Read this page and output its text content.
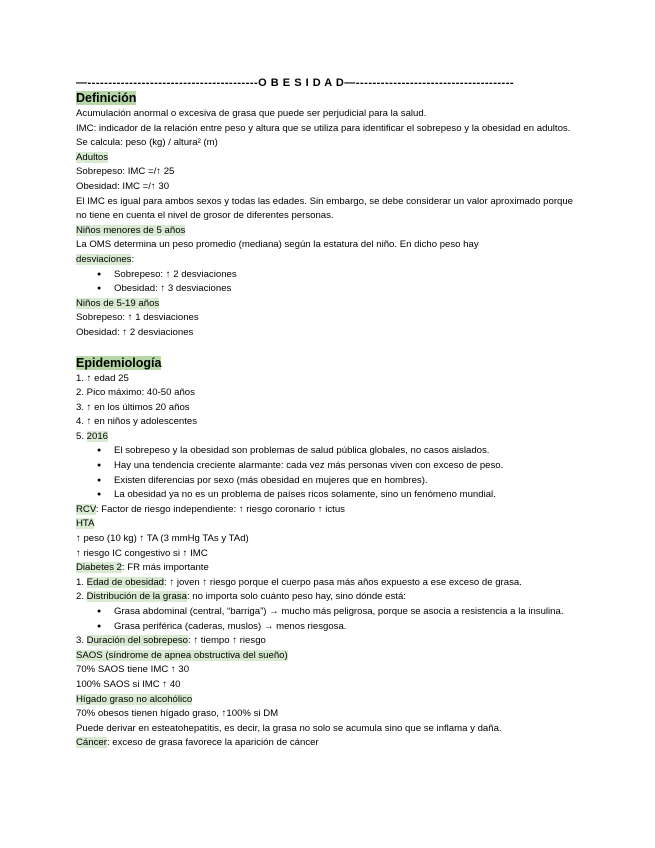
—-----------------------------------------O B E S I D A D—--------------------------------------
Definición
Acumulación anormal o excesiva de grasa que puede ser perjudicial para la salud.
IMC: indicador de la relación entre peso y altura que se utiliza para identificar el sobrepeso y la obesidad en adultos. Se calcula: peso (kg) / altura² (m)
Adultos
Sobrepeso: IMC =/↑ 25
Obesidad: IMC =/↑ 30
El IMC es igual para ambos sexos y todas las edades. Sin embargo, se debe considerar un valor aproximado porque no tiene en cuenta el nivel de grosor de diferentes personas.
Niños menores de 5 años
La OMS determina un peso promedio (mediana) según la estatura del niño. En dicho peso hay
desviaciones:
● Sobrepeso: ↑ 2 desviaciones
● Obesidad: ↑ 3 desviaciones
Niños de 5-19 años
Sobrepeso: ↑ 1 desviaciones
Obesidad: ↑ 2 desviaciones
Epidemiología
1. ↑ edad 25
2. Pico máximo: 40-50 años
3. ↑ en los últimos 20 años
4. ↑ en niños y adolescentes
5. 2016
● El sobrepeso y la obesidad son problemas de salud pública globales, no casos aislados.
● Hay una tendencia creciente alarmante: cada vez más personas viven con exceso de peso.
● Existen diferencias por sexo (más obesidad en mujeres que en hombres).
● La obesidad ya no es un problema de países ricos solamente, sino un fenómeno mundial.
RCV: Factor de riesgo independiente: ↑ riesgo coronario ↑ ictus
HTA
↑ peso (10 kg) ↑ TA (3 mmHg TAs y TAd)
↑ riesgo IC congestivo si ↑ IMC
Diabetes 2: FR más importante
1. Edad de obesidad: ↑ joven ↑ riesgo porque el cuerpo pasa más años expuesto a ese exceso de grasa.
2. Distribución de la grasa: no importa solo cuánto peso hay, sino dónde está:
● Grasa abdominal (central, “barriga”) → mucho más peligrosa, porque se asocia a resistencia a la insulina.
● Grasa periférica (caderas, muslos) → menos riesgosa.
3. Duración del sobrepeso: ↑ tiempo ↑ riesgo
SAOS (síndrome de apnea obstructiva del sueño)
70% SAOS tiene IMC ↑ 30
100% SAOS si IMC ↑ 40
Hígado graso no alcohólico
70% obesos tienen hígado graso, ↑100% si DM
Puede derivar en esteatohepatitis, es decir, la grasa no solo se acumula sino que se inflama y daña.
Cáncer: exceso de grasa favorece la aparición de cáncer
